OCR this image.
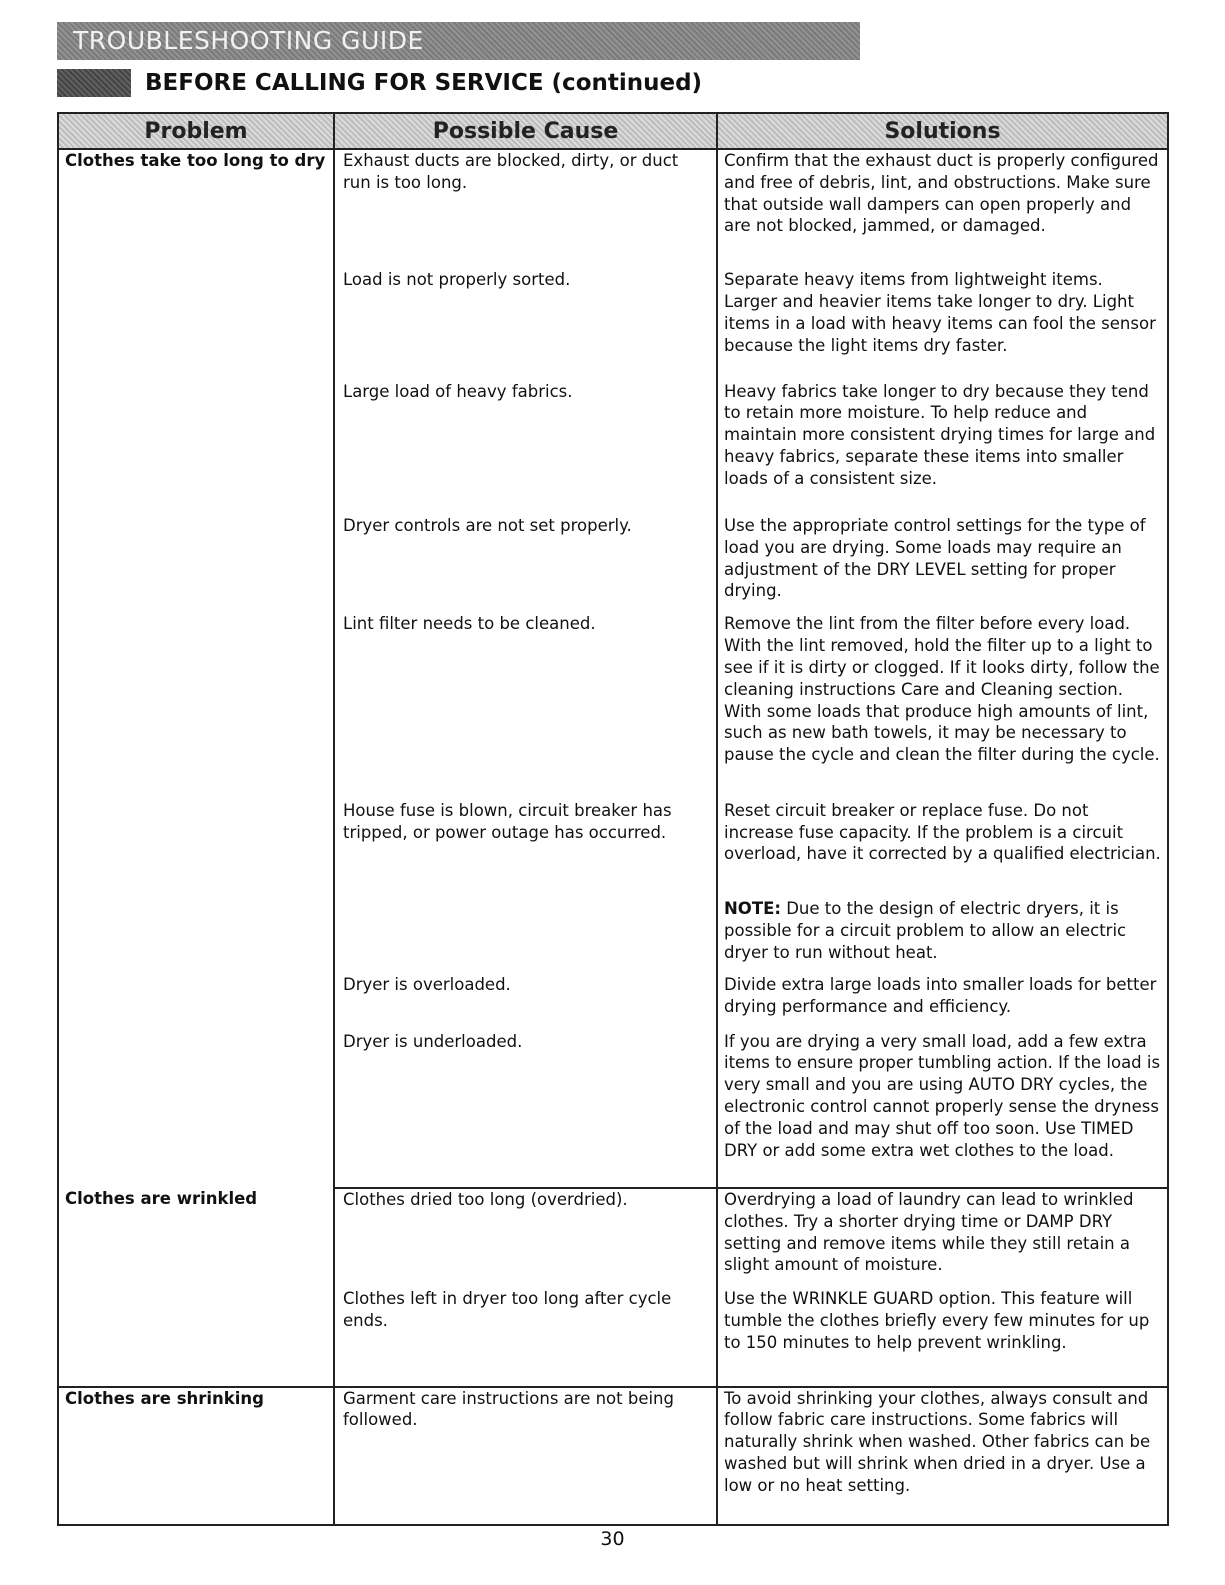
TROUBLESHOOTING GUIDE
BEFORE CALLING FOR SERVICE (continued)
Problem	Possible Cause	Solutions
Clothes take too long to dry	Exhaust ducts are blocked, dirty, or duct run is too long.	Confirm that the exhaust duct is properly configured and free of debris, lint, and obstructions. Make sure that outside wall dampers can open properly and are not blocked, jammed, or damaged.
	Load is not properly sorted.	Separate heavy items from lightweight items. Larger and heavier items take longer to dry. Light items in a load with heavy items can fool the sensor because the light items dry faster.
	Large load of heavy fabrics.	Heavy fabrics take longer to dry because they tend to retain more moisture. To help reduce and maintain more consistent drying times for large and heavy fabrics, separate these items into smaller loads of a consistent size.
	Dryer controls are not set properly.	Use the appropriate control settings for the type of load you are drying. Some loads may require an adjustment of the DRY LEVEL setting for proper drying.
	Lint filter needs to be cleaned.	Remove the lint from the filter before every load. With the lint removed, hold the filter up to a light to see if it is dirty or clogged. If it looks dirty, follow the cleaning instructions Care and Cleaning section. With some loads that produce high amounts of lint, such as new bath towels, it may be necessary to pause the cycle and clean the filter during the cycle.
	House fuse is blown, circuit breaker has tripped, or power outage has occurred.	Reset circuit breaker or replace fuse. Do not increase fuse capacity. If the problem is a circuit overload, have it corrected by a qualified electrician.
		NOTE: Due to the design of electric dryers, it is possible for a circuit problem to allow an electric dryer to run without heat.
	Dryer is overloaded.	Divide extra large loads into smaller loads for better drying performance and efficiency.
	Dryer is underloaded.	If you are drying a very small load, add a few extra items to ensure proper tumbling action. If the load is very small and you are using AUTO DRY cycles, the electronic control cannot properly sense the dryness of the load and may shut off too soon. Use TIMED DRY or add some extra wet clothes to the load.
Clothes are wrinkled	Clothes dried too long (overdried).	Overdrying a load of laundry can lead to wrinkled clothes. Try a shorter drying time or DAMP DRY setting and remove items while they still retain a slight amount of moisture.
	Clothes left in dryer too long after cycle ends.	Use the WRINKLE GUARD option. This feature will tumble the clothes briefly every few minutes for up to 150 minutes to help prevent wrinkling.
Clothes are shrinking	Garment care instructions are not being followed.	To avoid shrinking your clothes, always consult and follow fabric care instructions. Some fabrics will naturally shrink when washed. Other fabrics can be washed but will shrink when dried in a dryer. Use a low or no heat setting.
30
